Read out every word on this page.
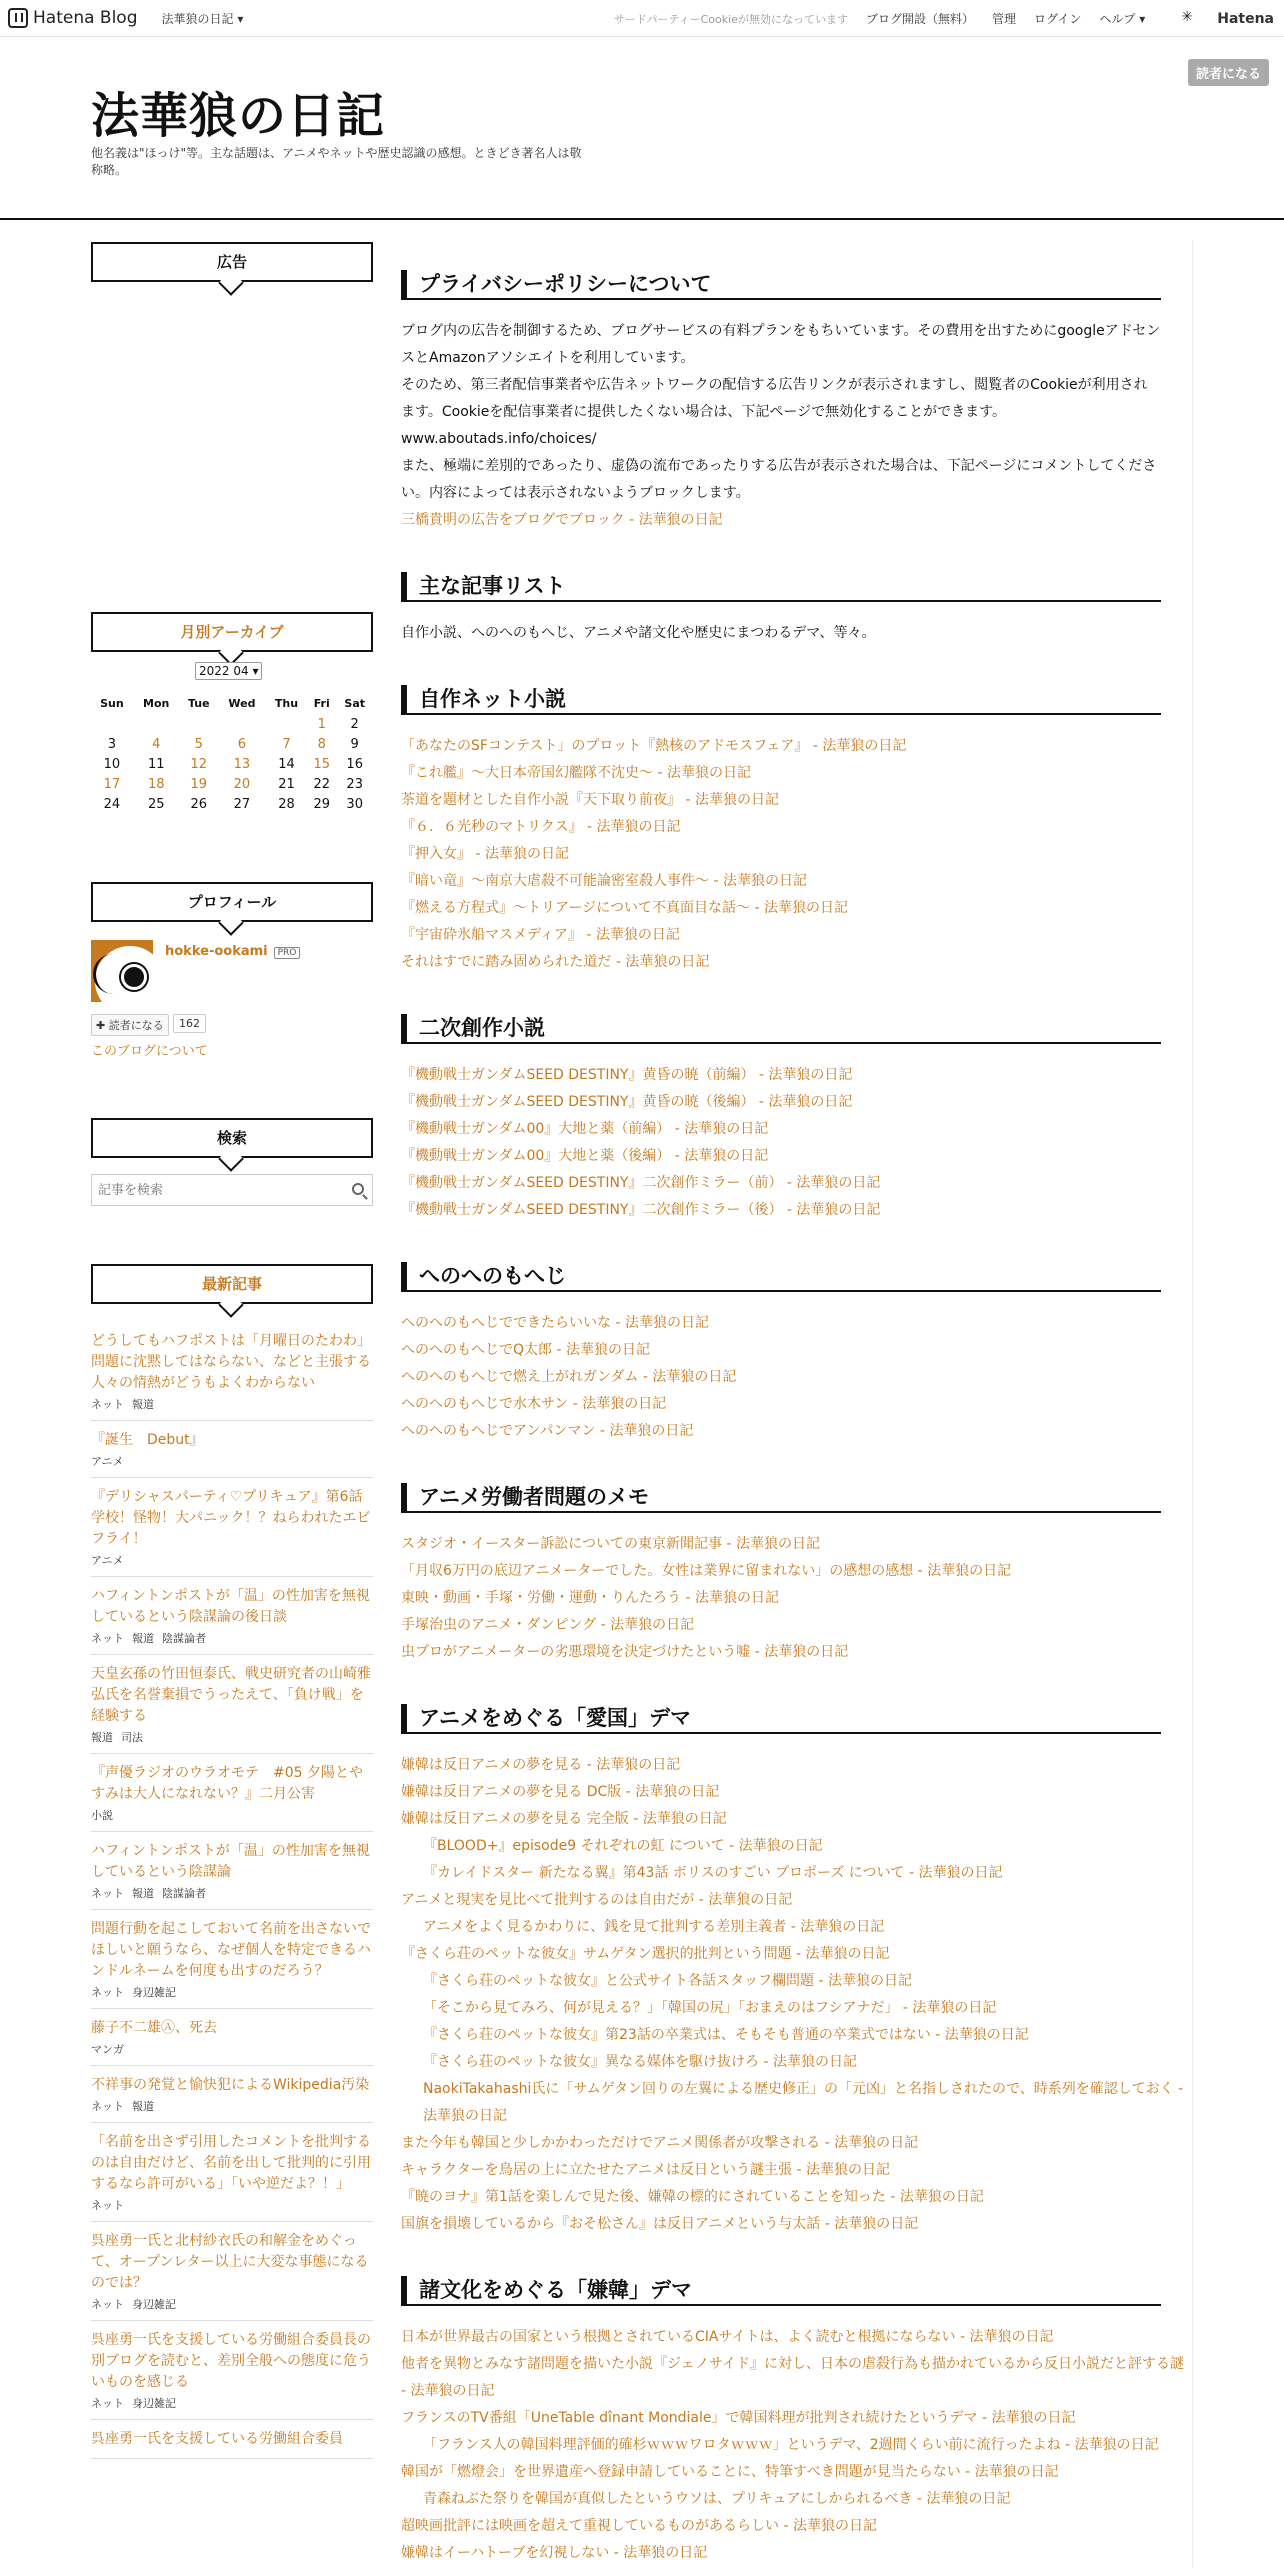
Hatena Blog 法華狼の日記 ▾	サードパーティーCookieが無効になっています ブログ開設（無料） 管理 ログイン ヘルプ ▾ ✳	Hatena
法華狼の日記
他名義は"ほっけ"等。主な話題は、アニメやネットや歴史認識の感想。ときどき著名人は敬称略。
読者になる
広告
月別アーカイブ
2022 04 ▾
Sun	Mon	Tue	Wed	Thu	Fri	Sat
					1	2
3	4	5	6	7	8	9
10	11	12	13	14	15	16
17	18	19	20	21	22	23
24	25	26	27	28	29	30
プロフィール
hokke-ookami PRO
✚ 読者になる	162
このブログについて
検索
記事を検索
最新記事
どうしてもハフポストは「月曜日のたわわ」問題に沈黙してはならない、などと主張する人々の情熱がどうもよくわからない
ネット 報道
『誕生　Debut』
アニメ
『デリシャスパーティ♡プリキュア』第6話　学校！怪物！大パニック！？ねらわれたエビフライ！
アニメ
ハフィントンポストが「温」の性加害を無視しているという陰謀論の後日談
ネット 報道 陰謀論者
天皇玄孫の竹田恒泰氏、戦史研究者の山崎雅弘氏を名誉棄損でうったえて、「負け戦」を経験する
報道 司法
『声優ラジオのウラオモテ　#05 夕陽とやすみは大人になれない？』二月公害
小説
ハフィントンポストが「温」の性加害を無視しているという陰謀論
ネット 報道 陰謀論者
問題行動を起こしておいて名前を出さないでほしいと願うなら、なぜ個人を特定できるハンドルネームを何度も出すのだろう？
ネット 身辺雑記
藤子不二雄Ⓐ、死去
マンガ
不祥事の発覚と愉快犯によるWikipedia汚染
ネット 報道
「名前を出さず引用したコメントを批判するのは自由だけど、名前を出して批判的に引用するなら許可がいる」「いや逆だよ？！」
ネット
呉座勇一氏と北村紗衣氏の和解金をめぐって、オープンレター以上に大変な事態になるのでは？
ネット 身辺雑記
呉座勇一氏を支援している労働組合委員長の別ブログを読むと、差別全般への態度に危ういものを感じる
ネット 身辺雑記
呉座勇一氏を支援している労働組合委員
プライバシーポリシーについて
ブログ内の広告を制御するため、ブログサービスの有料プランをもちいています。その費用を出すためにgoogleアドセンスとAmazonアソシエイトを利用しています。
そのため、第三者配信事業者や広告ネットワークの配信する広告リンクが表示されますし、閲覧者のCookieが利用されます。Cookieを配信事業者に提供したくない場合は、下記ページで無効化することができます。
www.aboutads.info/choices/
また、極端に差別的であったり、虚偽の流布であったりする広告が表示された場合は、下記ページにコメントしてください。内容によっては表示されないようブロックします。
三橋貴明の広告をブログでブロック - 法華狼の日記
主な記事リスト
自作小説、へのへのもへじ、アニメや諸文化や歴史にまつわるデマ、等々。
自作ネット小説
「あなたのSFコンテスト」のプロット『熱核のアドモスフェア』 - 法華狼の日記
『これ艦』〜大日本帝国幻艦隊不沈史〜 - 法華狼の日記
茶道を題材とした自作小説『天下取り前夜』 - 法華狼の日記
『６．６光秒のマトリクス』 - 法華狼の日記
『押入女』 - 法華狼の日記
『暗い竜』〜南京大虐殺不可能論密室殺人事件〜 - 法華狼の日記
『燃える方程式』〜トリアージについて不真面目な話〜 - 法華狼の日記
『宇宙砕氷船マスメディア』 - 法華狼の日記
それはすでに踏み固められた道だ - 法華狼の日記
二次創作小説
『機動戦士ガンダムSEED DESTINY』黄昏の暁（前編） - 法華狼の日記
『機動戦士ガンダムSEED DESTINY』黄昏の暁（後編） - 法華狼の日記
『機動戦士ガンダム00』大地と薬（前編） - 法華狼の日記
『機動戦士ガンダム00』大地と薬（後編） - 法華狼の日記
『機動戦士ガンダムSEED DESTINY』二次創作ミラー（前） - 法華狼の日記
『機動戦士ガンダムSEED DESTINY』二次創作ミラー（後） - 法華狼の日記
へのへのもへじ
へのへのもへじでできたらいいな - 法華狼の日記
へのへのもへじでQ太郎 - 法華狼の日記
へのへのもへじで燃え上がれガンダム - 法華狼の日記
へのへのもへじで水木サン - 法華狼の日記
へのへのもへじでアンパンマン - 法華狼の日記
アニメ労働者問題のメモ
スタジオ・イースター訴訟についての東京新聞記事 - 法華狼の日記
「月収6万円の底辺アニメーターでした。女性は業界に留まれない」の感想の感想 - 法華狼の日記
東映・動画・手塚・労働・運動・りんたろう - 法華狼の日記
手塚治虫のアニメ・ダンピング - 法華狼の日記
虫プロがアニメーターの劣悪環境を決定づけたという嘘 - 法華狼の日記
アニメをめぐる「愛国」デマ
嫌韓は反日アニメの夢を見る - 法華狼の日記
嫌韓は反日アニメの夢を見る DC版 - 法華狼の日記
嫌韓は反日アニメの夢を見る 完全版 - 法華狼の日記
『BLOOD+』episode9 それぞれの虹 について - 法華狼の日記
『カレイドスター 新たなる翼』第43話 ボリスのすごい プロポーズ について - 法華狼の日記
アニメと現実を見比べて批判するのは自由だが - 法華狼の日記
アニメをよく見るかわりに、銭を見て批判する差別主義者 - 法華狼の日記
『さくら荘のペットな彼女』サムゲタン選択的批判という問題 - 法華狼の日記
『さくら荘のペットな彼女』と公式サイト各話スタッフ欄問題 - 法華狼の日記
「そこから見てみろ、何が見える？」「韓国の尻」「おまえのはフシアナだ」 - 法華狼の日記
『さくら荘のペットな彼女』第23話の卒業式は、そもそも普通の卒業式ではない - 法華狼の日記
『さくら荘のペットな彼女』異なる媒体を駆け抜けろ - 法華狼の日記
NaokiTakahashi氏に「サムゲタン回りの左翼による歴史修正」の「元凶」と名指しされたので、時系列を確認しておく - 法華狼の日記
また今年も韓国と少しかかわっただけでアニメ関係者が攻撃される - 法華狼の日記
キャラクターを鳥居の上に立たせたアニメは反日という謎主張 - 法華狼の日記
『暁のヨナ』第1話を楽しんで見た後、嫌韓の標的にされていることを知った - 法華狼の日記
国旗を損壊しているから『おそ松さん』は反日アニメという与太話 - 法華狼の日記
諸文化をめぐる「嫌韓」デマ
日本が世界最古の国家という根拠とされているCIAサイトは、よく読むと根拠にならない - 法華狼の日記
他者を異物とみなす諸問題を描いた小説『ジェノサイド』に対し、日本の虐殺行為も描かれているから反日小説だと評する謎 - 法華狼の日記
フランスのTV番組「UneTable dînant Mondiale」で韓国料理が批判され続けたというデマ - 法華狼の日記
「フランス人の韓国料理評価的確杉ｗｗｗワロタｗｗｗ」というデマ、2週間くらい前に流行ったよね - 法華狼の日記
韓国が「燃燈会」を世界遺産へ登録申請していることに、特筆すべき問題が見当たらない - 法華狼の日記
青森ねぶた祭りを韓国が真似したというウソは、プリキュアにしかられるべき - 法華狼の日記
超映画批評には映画を超えて重視しているものがあるらしい - 法華狼の日記
嫌韓はイーハトーブを幻視しない - 法華狼の日記
